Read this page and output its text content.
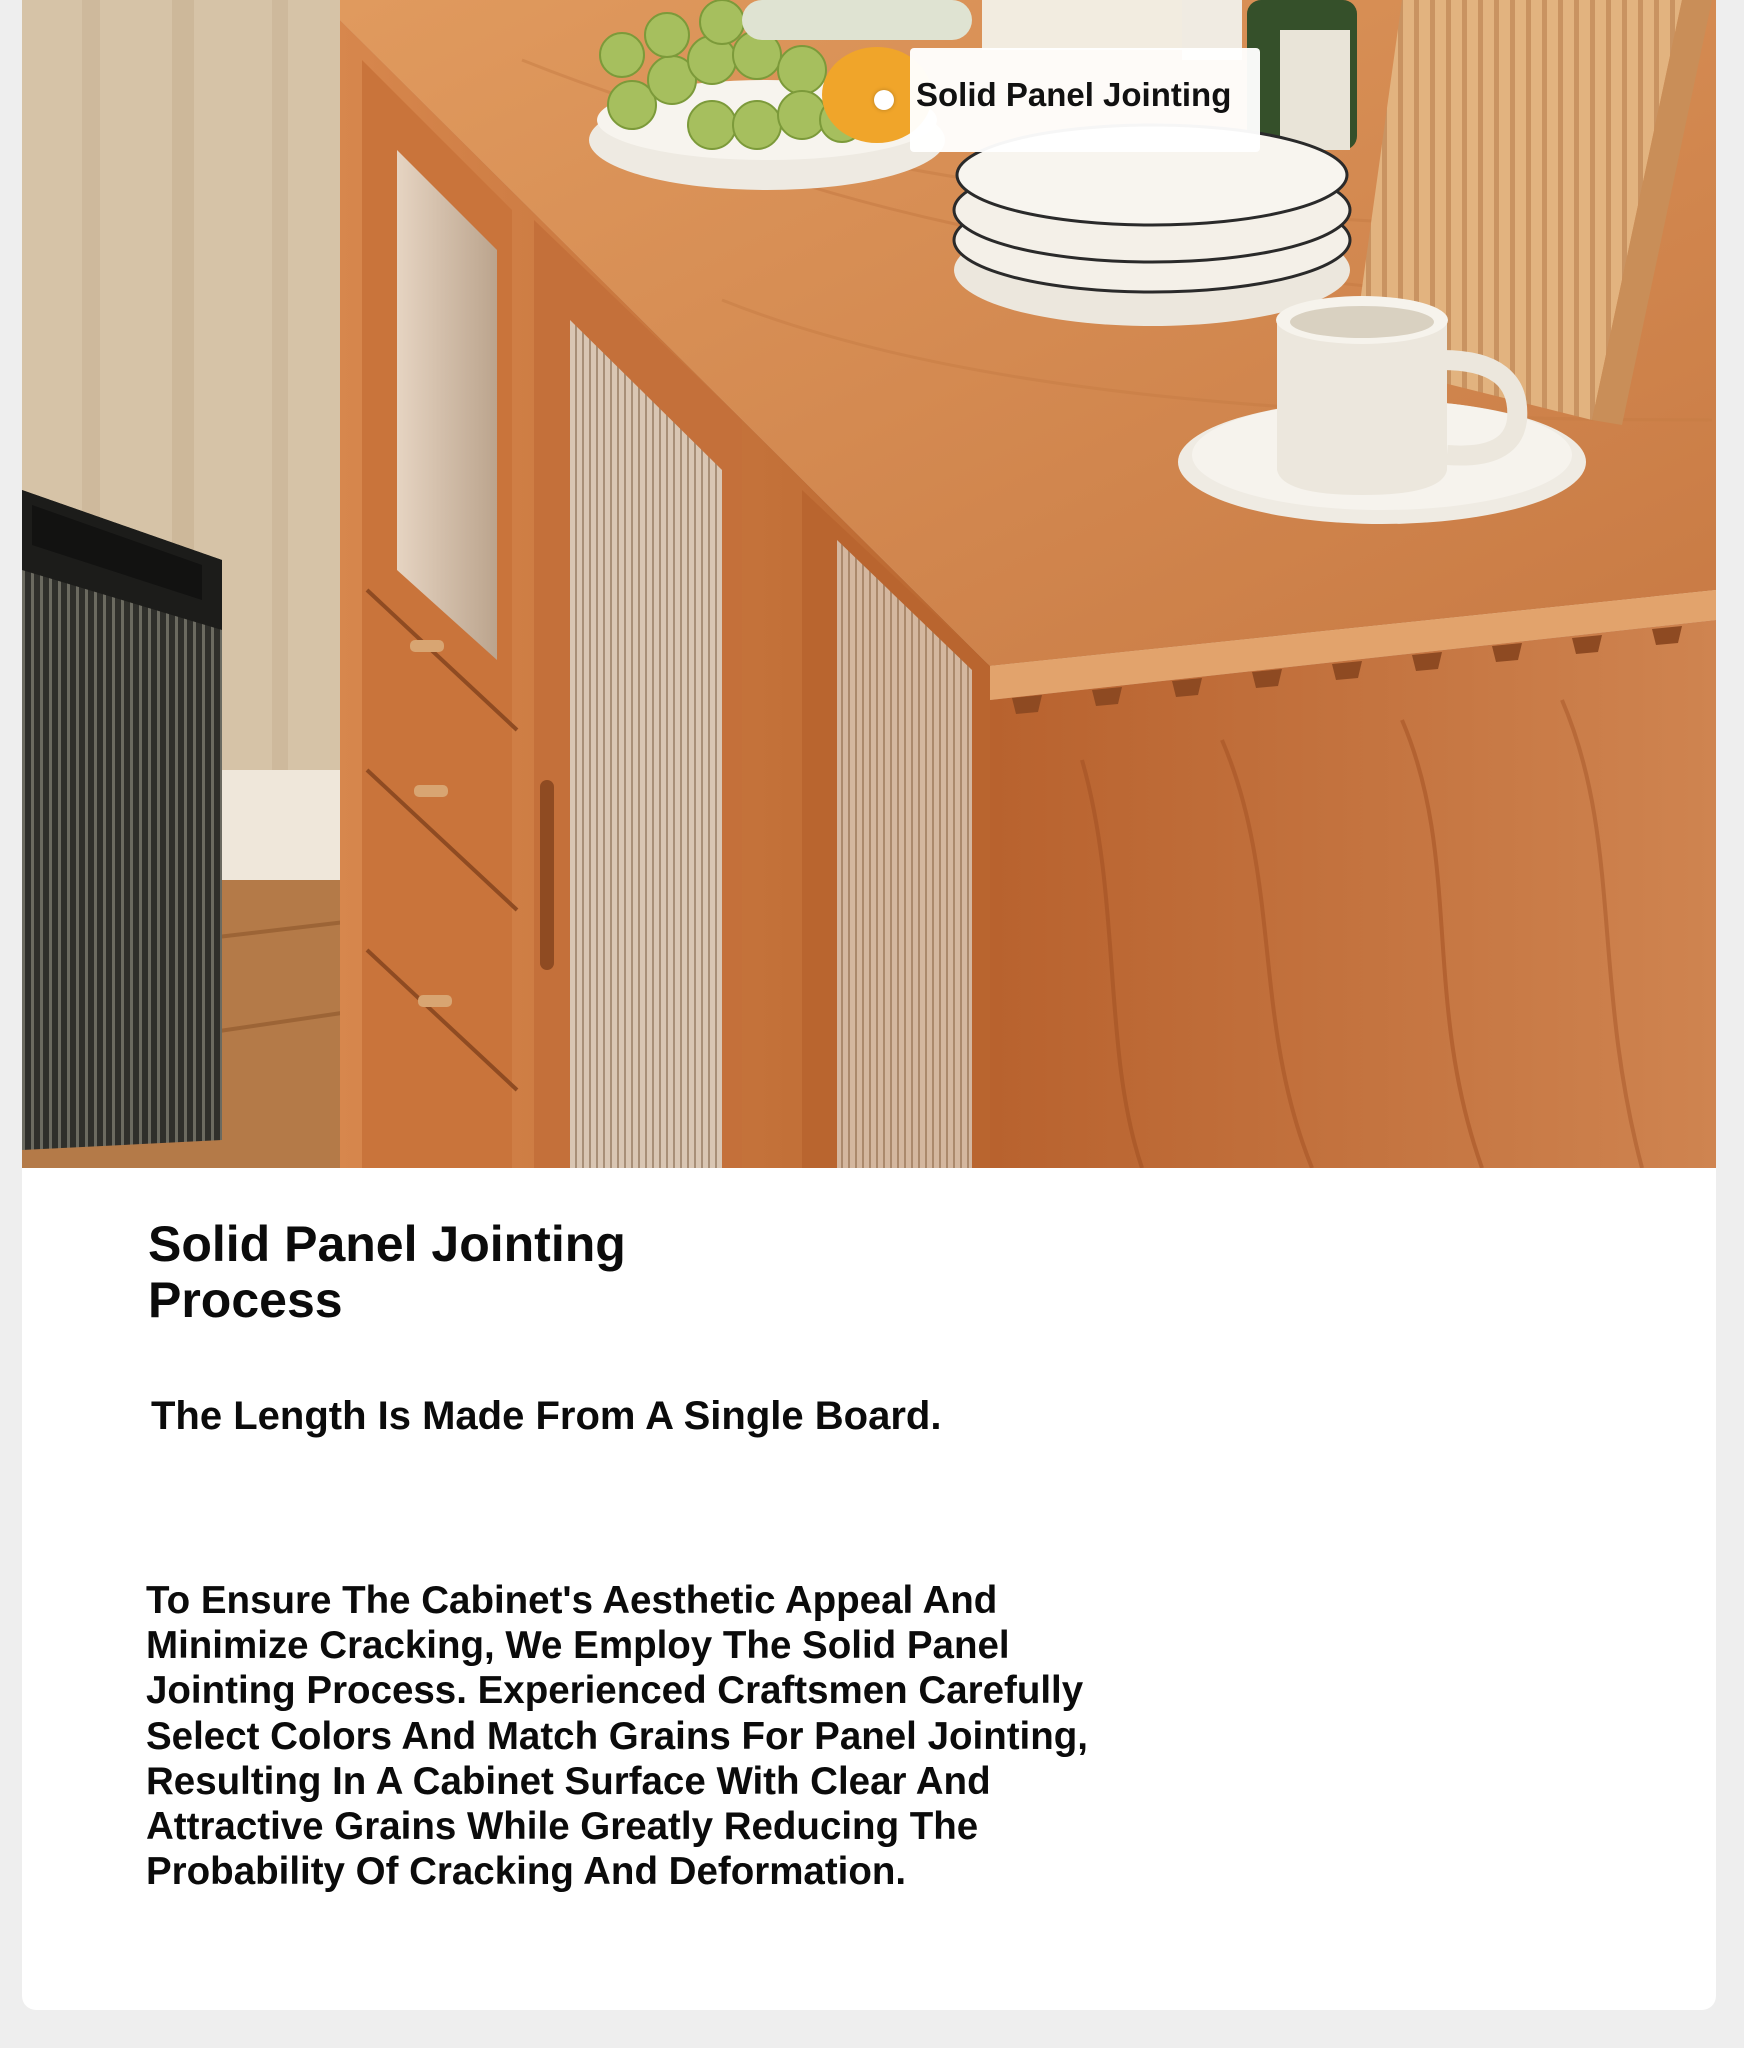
Solid Panel Jointing
Solid Panel Jointing Process

The Length Is Made From A Single Board.

To Ensure The Cabinet's Aesthetic Appeal And Minimize Cracking, We Employ The Solid Panel Jointing Process. Experienced Craftsmen Carefully Select Colors And Match Grains For Panel Jointing, Resulting In A Cabinet Surface With Clear And Attractive Grains While Greatly Reducing The Probability Of Cracking And Deformation.
